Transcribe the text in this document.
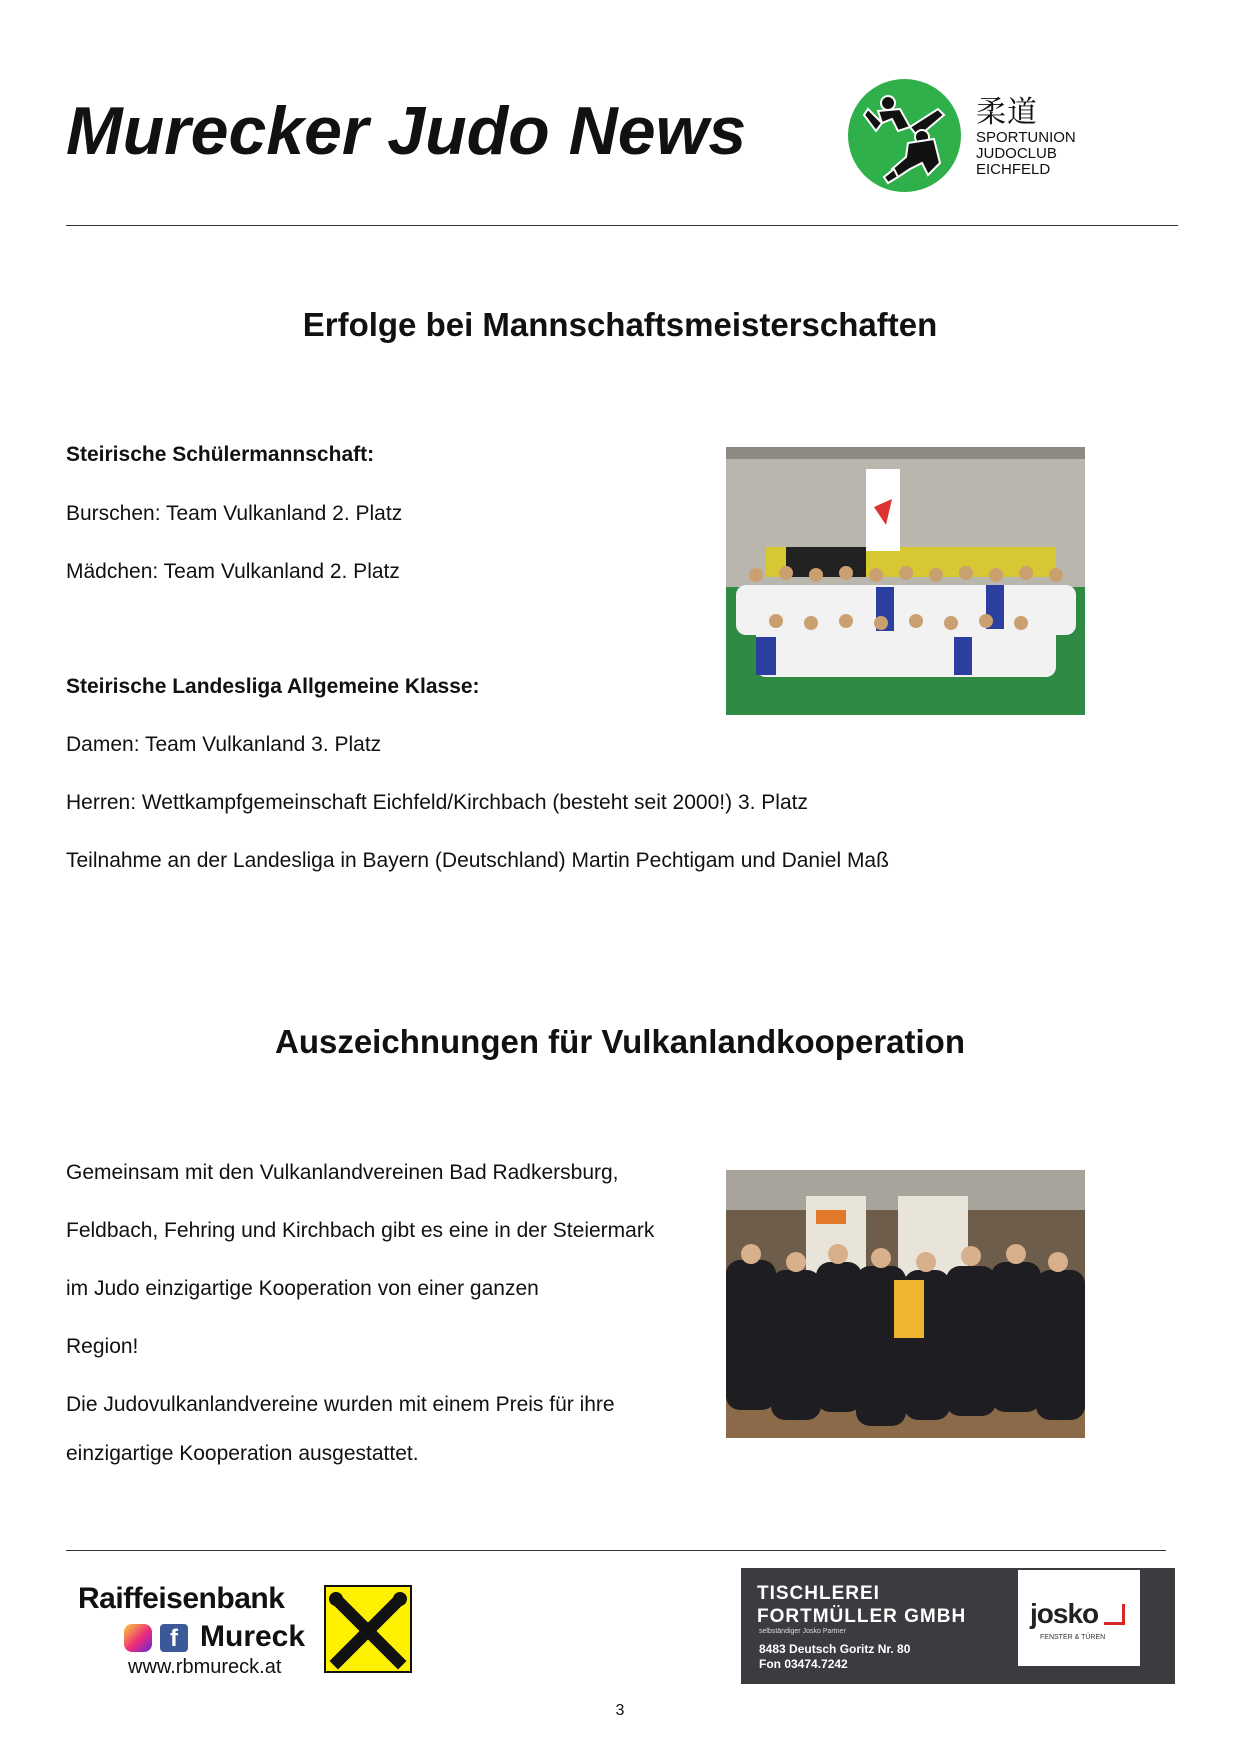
Murecker Judo News	柔道
SPORTUNION
JUDOCLUB
EICHFELD
Erfolge bei Mannschaftsmeisterschaften
Steirische Schülermannschaft:
Burschen: Team Vulkanland 2. Platz
Mädchen: Team Vulkanland 2. Platz
Steirische Landesliga Allgemeine Klasse:
Damen: Team Vulkanland 3. Platz
Herren: Wettkampfgemeinschaft Eichfeld/Kirchbach (besteht seit 2000!) 3. Platz
Teilnahme an der Landesliga in Bayern (Deutschland) Martin Pechtigam und Daniel Maß
Auszeichnungen für Vulkanlandkooperation
Gemeinsam mit den Vulkanlandvereinen Bad Radkersburg,
Feldbach, Fehring und Kirchbach gibt es eine in der Steiermark
im Judo einzigartige Kooperation von einer ganzen
Region!
Die Judovulkanlandvereine wurden mit einem Preis für ihre
einzigartige Kooperation ausgestattet.
Raiffeisenbank
f Mureck
www.rbmureck.at
TISCHLEREI
FORTMÜLLER GMBH
selbständiger Josko Partner
8483 Deutsch Goritz Nr. 80
Fon 03474.7242
josko
FENSTER & TÜREN
3
